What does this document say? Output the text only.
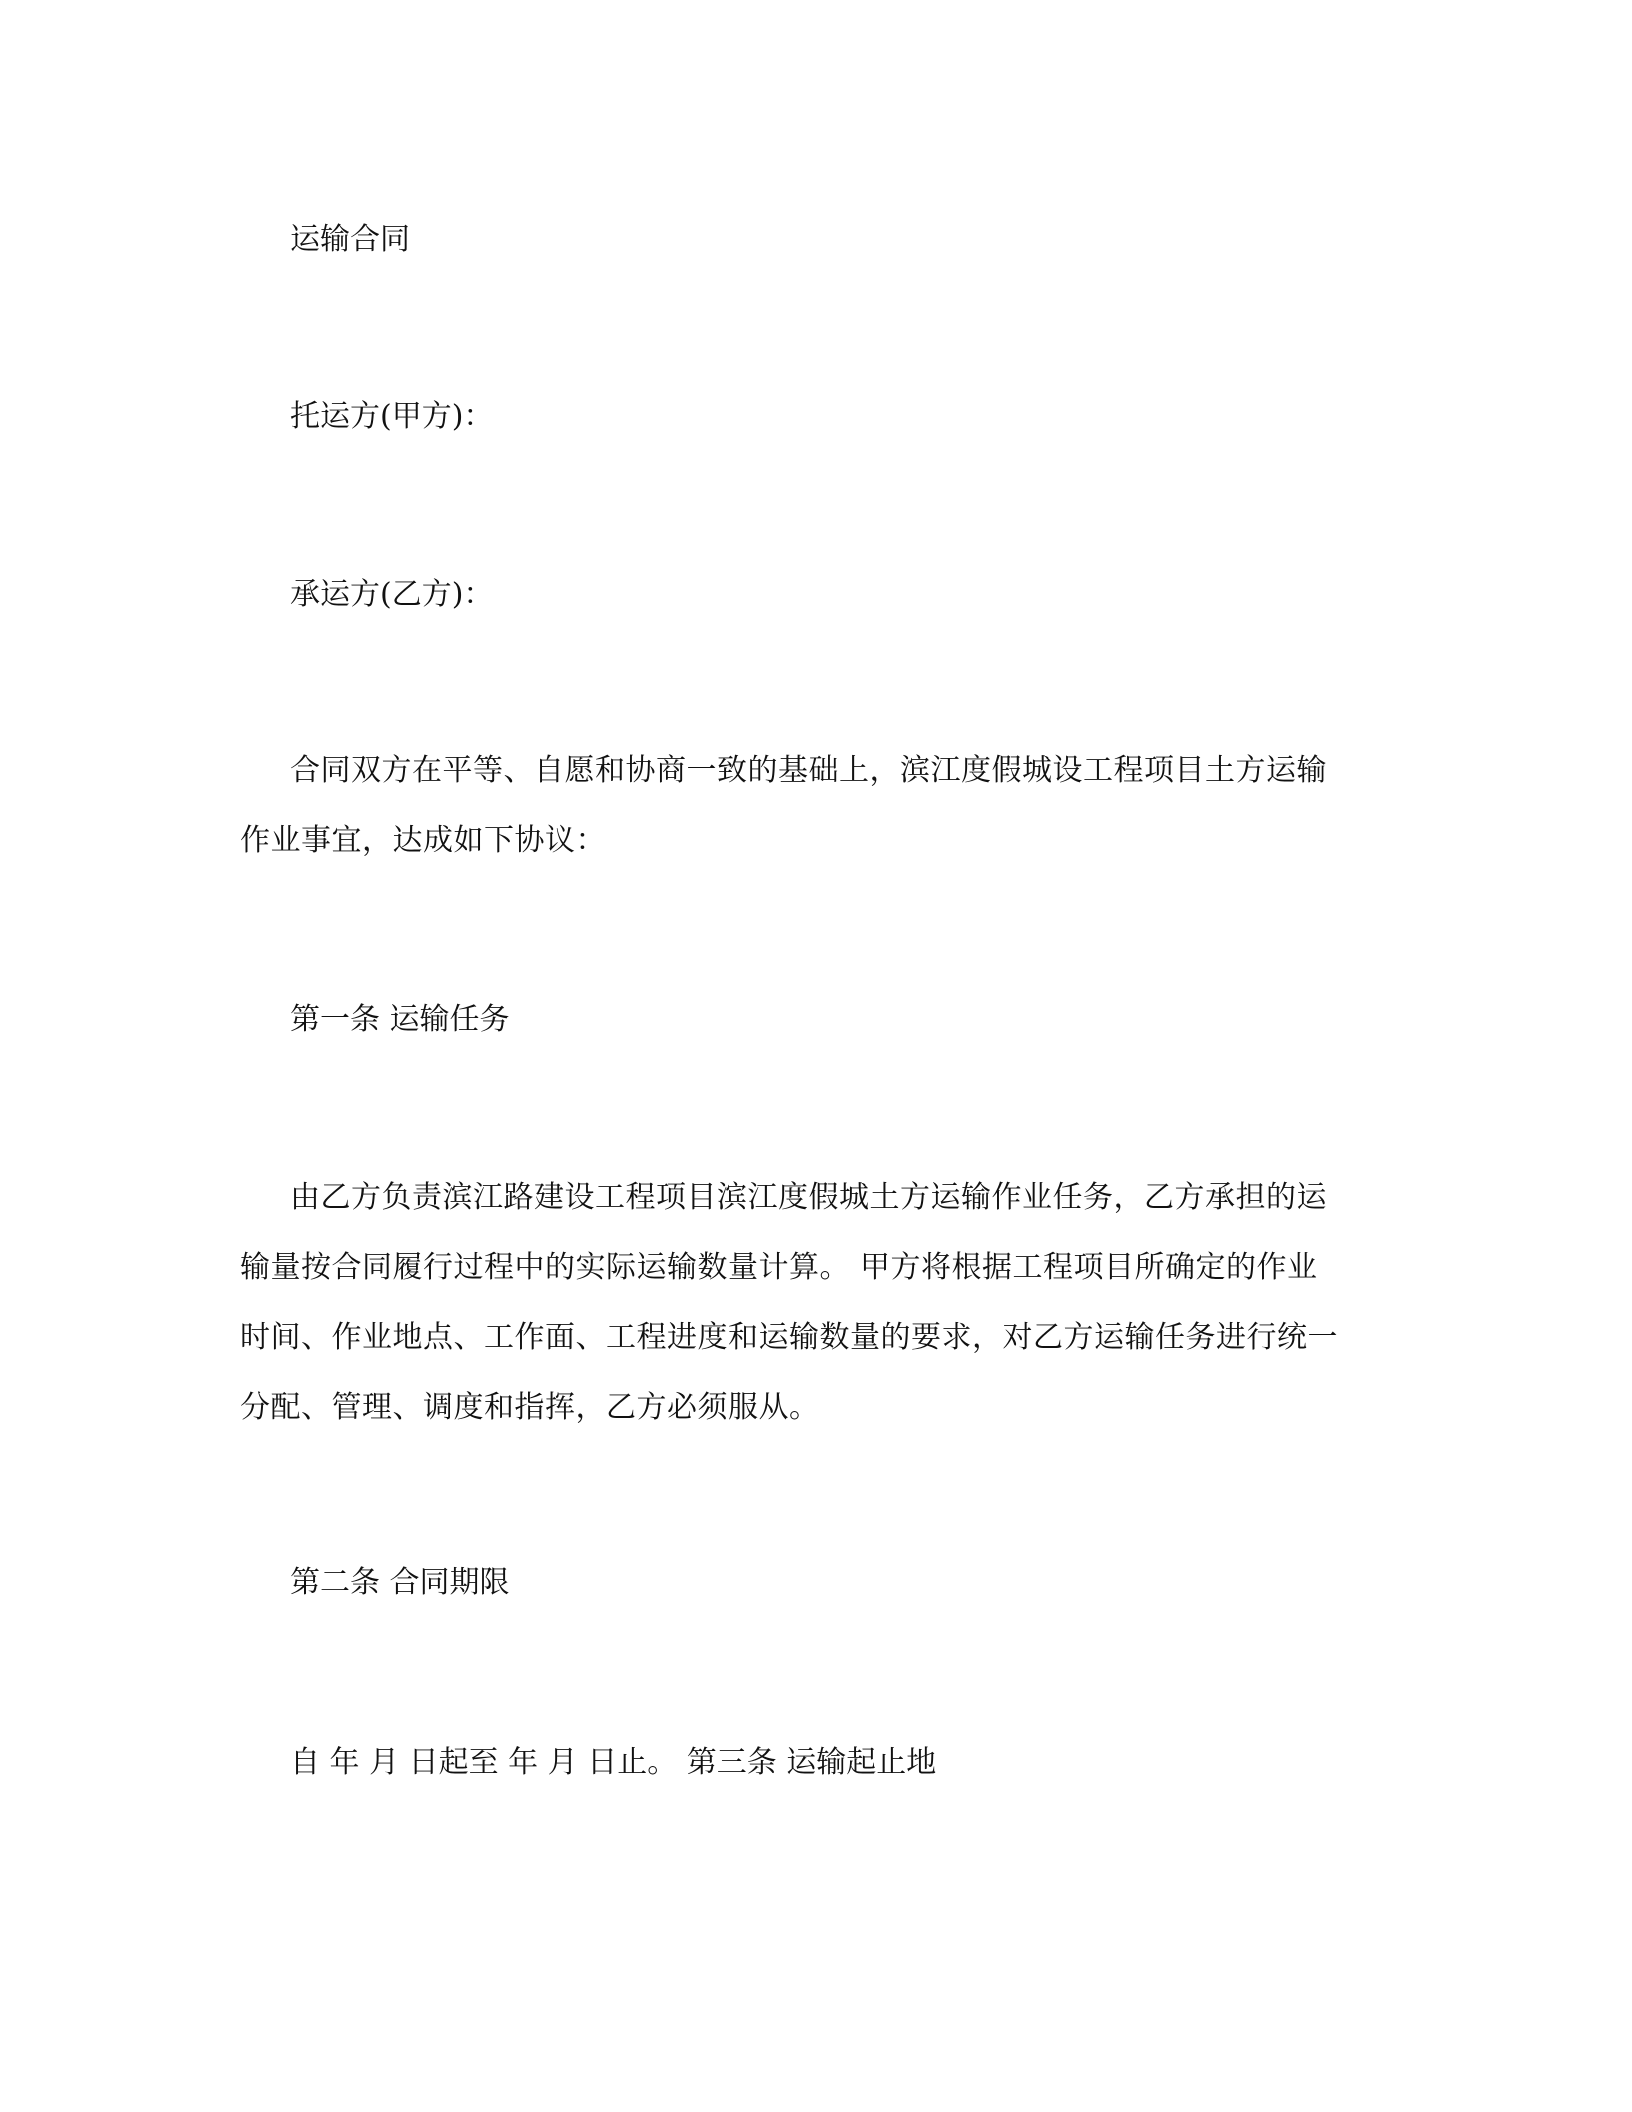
运输合同

托运方(甲方)：

承运方(乙方)：

合同双方在平等、自愿和协商一致的基础上，滨江度假城设工程项目土方运输
作业事宜，达成如下协议：

第一条 运输任务

由乙方负责滨江路建设工程项目滨江度假城土方运输作业任务，乙方承担的运
输量按合同履行过程中的实际运输数量计算。 甲方将根据工程项目所确定的作业
时间、作业地点、工作面、工程进度和运输数量的要求，对乙方运输任务进行统一
分配、管理、调度和指挥，乙方必须服从。

第二条 合同期限

自 年 月 日起至 年 月 日止。 第三条 运输起止地
